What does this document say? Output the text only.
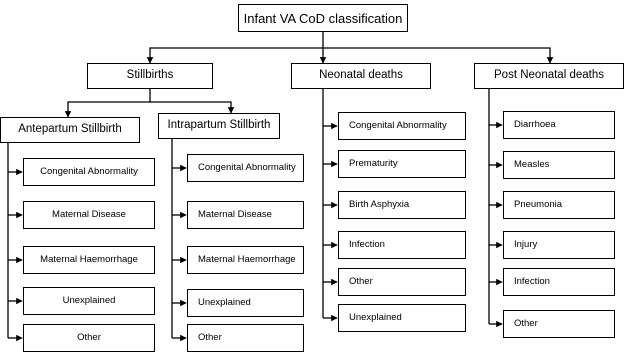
Infant VA CoD classification
Stillbirths	Neonatal deaths	Post Neonatal deaths
Antepartum Stillbirth	Intrapartum Stillbirth
Congenital Abnormality
Maternal Disease
Maternal Haemorrhage
Unexplained
Other
Congenital Abnormality
Maternal Disease
Maternal Haemorrhage
Unexplained
Other
Congenital Abnormality
Prematurity
Birth Asphyxia
Infection
Other
Unexplained
Diarrhoea
Measles
Pneumonia
Injury
Infection
Other
